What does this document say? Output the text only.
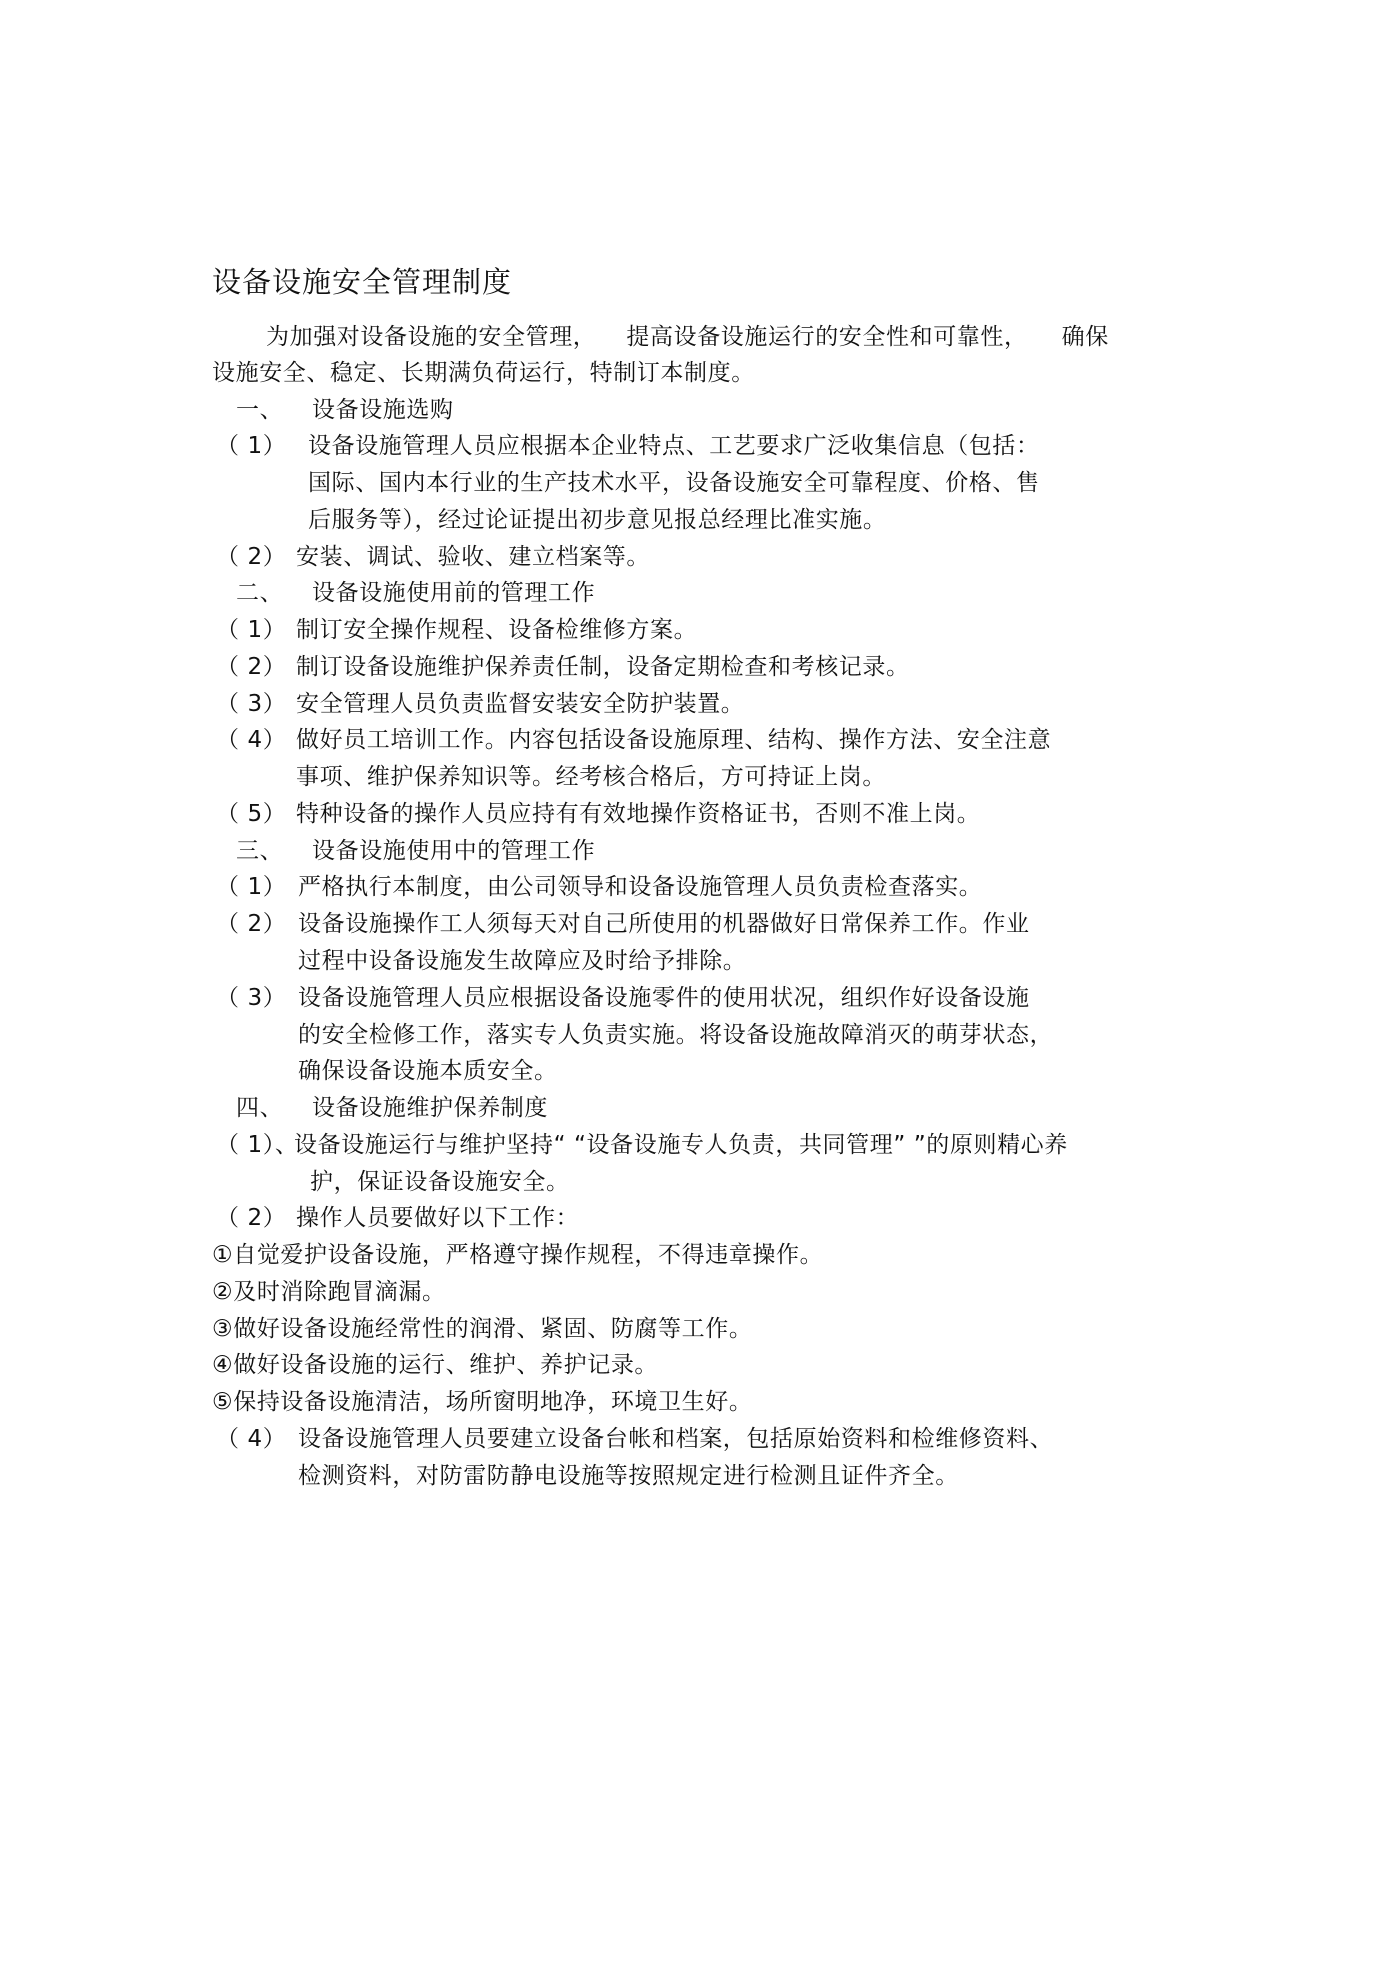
设备设施安全管理制度
为加强对设备设施的安全管理， 提高设备设施运行的安全性和可靠性， 确保
设施安全、稳定、长期满负荷运行，特制订本制度。
一、 设备设施选购
（ 1） 设备设施管理人员应根据本企业特点、工艺要求广泛收集信息（包括：
国际、国内本行业的生产技术水平，设备设施安全可靠程度、价格、售
后服务等），经过论证提出初步意见报总经理比准实施。
（ 2） 安装、调试、验收、建立档案等。
二、 设备设施使用前的管理工作
（ 1） 制订安全操作规程、设备检维修方案。
（ 2） 制订设备设施维护保养责任制，设备定期检查和考核记录。
（ 3） 安全管理人员负责监督安装安全防护装置。
（ 4） 做好员工培训工作。内容包括设备设施原理、结构、操作方法、安全注意
事项、维护保养知识等。经考核合格后，方可持证上岗。
（ 5） 特种设备的操作人员应持有有效地操作资格证书，否则不准上岗。
三、 设备设施使用中的管理工作
（ 1） 严格执行本制度，由公司领导和设备设施管理人员负责检查落实。
（ 2） 设备设施操作工人须每天对自己所使用的机器做好日常保养工作。作业
过程中设备设施发生故障应及时给予排除。
（ 3） 设备设施管理人员应根据设备设施零件的使用状况，组织作好设备设施
的安全检修工作，落实专人负责实施。将设备设施故障消灭的萌芽状态，
确保设备设施本质安全。
四、 设备设施维护保养制度
（ 1）、设备设施运行与维护坚持“ “设备设施专人负责，共同管理” ”的原则精心养
护，保证设备设施安全。
（ 2） 操作人员要做好以下工作：
①自觉爱护设备设施，严格遵守操作规程，不得违章操作。
②及时消除跑冒滴漏。
③做好设备设施经常性的润滑、紧固、防腐等工作。
④做好设备设施的运行、维护、养护记录。
⑤保持设备设施清洁，场所窗明地净，环境卫生好。
（ 4） 设备设施管理人员要建立设备台帐和档案，包括原始资料和检维修资料、
检测资料，对防雷防静电设施等按照规定进行检测且证件齐全。
